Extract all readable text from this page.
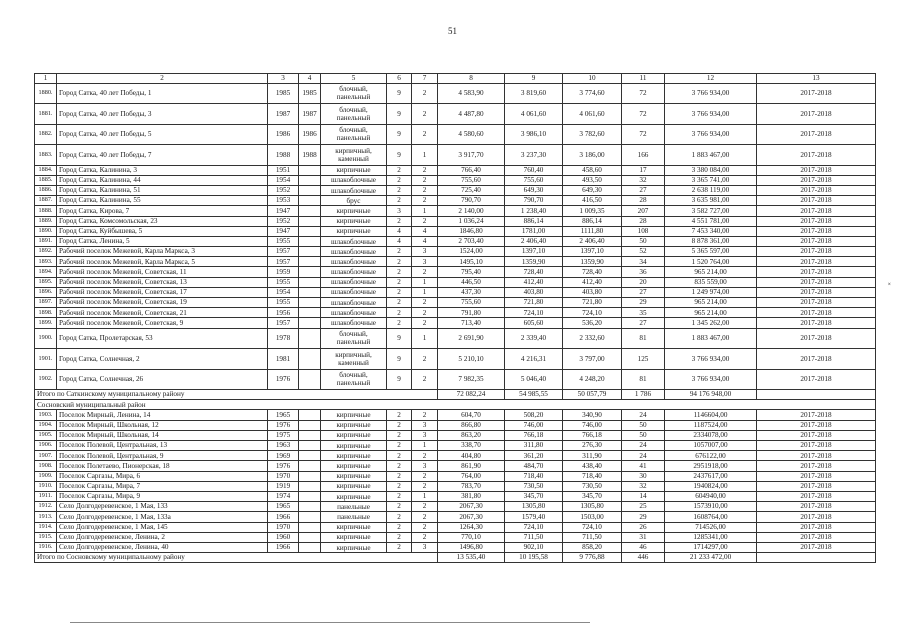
51
1	2	3	4	5	6	7	8	9	10	11	12	13
1880.	Город Сатка, 40 лет Победы, 1	1985	1985	блочный, панельный	9	2	4 583,90	3 819,60	3 774,60	72	3 766 934,00	2017-2018
1881.	Город Сатка, 40 лет Победы, 3	1987	1987	блочный, панельный	9	2	4 487,80	4 061,60	4 061,60	72	3 766 934,00	2017-2018
1882.	Город Сатка, 40 лет Победы, 5	1986	1986	блочный, панельный	9	2	4 580,60	3 986,10	3 782,60	72	3 766 934,00	2017-2018
1883.	Город Сатка, 40 лет Победы, 7	1988	1988	кирпичный, каменный	9	1	3 917,70	3 237,30	3 186,00	166	1 883 467,00	2017-2018
1884.	Город Сатка, Калинина, 3	1951		кирпичные	2	2	766,40	760,40	458,60	17	3 380 084,00	2017-2018
1885.	Город Сатка, Калинина, 44	1954		шлакоблочные	2	2	755,60	755,60	493,50	32	3 365 741,00	2017-2018
1886.	Город Сатка, Калинина, 51	1952		шлакоблочные	2	2	725,40	649,30	649,30	27	2 638 119,00	2017-2018
1887.	Город Сатка, Калинина, 55	1953		брус	2	2	790,70	790,70	416,50	28	3 635 981,00	2017-2018
1888.	Город Сатка, Кирова, 7	1947		кирпичные	3	1	2 140,00	1 238,40	1 009,35	207	3 582 727,00	2017-2018
1889.	Город Сатка, Комсомольская, 23	1952		кирпичные	2	2	1 036,24	886,14	886,14	28	4 551 781,00	2017-2018
1890.	Город Сатка, Куйбышева, 5	1947		кирпичные	4	4	1846,80	1781,00	1111,80	108	7 453 340,00	2017-2018
1891.	Город Сатка, Ленина, 5	1955		шлакоблочные	4	4	2 703,40	2 406,40	2 406,40	50	8 878 361,00	2017-2018
1892.	Рабочий поселок Межевой, Карла Маркса, 3	1957		шлакоблочные	2	3	1524,00	1397,10	1397,10	52	5 365 597,00	2017-2018
1893.	Рабочий поселок Межевой, Карла Маркса, 5	1957		шлакоблочные	2	3	1495,10	1359,90	1359,90	34	1 520 764,00	2017-2018
1894.	Рабочий поселок Межевой, Советская, 11	1959		шлакоблочные	2	2	795,40	728,40	728,40	36	965 214,00	2017-2018
1895.	Рабочий поселок Межевой, Советская, 13	1955		шлакоблочные	2	1	446,50	412,40	412,40	20	835 559,00	2017-2018
1896.	Рабочий поселок Межевой, Советская, 17	1954		шлакоблочные	2	1	437,30	403,80	403,80	27	1 249 974,00	2017-2018
1897.	Рабочий поселок Межевой, Советская, 19	1955		шлакоблочные	2	2	755,60	721,80	721,80	29	965 214,00	2017-2018
1898.	Рабочий поселок Межевой, Советская, 21	1956		шлакоблочные	2	2	791,80	724,10	724,10	35	965 214,00	2017-2018
1899.	Рабочий поселок Межевой, Советская, 9	1957		шлакоблочные	2	2	713,40	605,60	536,20	27	1 345 262,00	2017-2018
1900.	Город Сатка, Пролетарская, 53	1978		блочный, панельный	9	1	2 691,90	2 339,40	2 332,60	81	1 883 467,00	2017-2018
1901.	Город Сатка, Солнечная, 2	1981		кирпичный, каменный	9	2	5 210,10	4 216,31	3 797,00	125	3 766 934,00	2017-2018
1902.	Город Сатка, Солнечная, 26	1976		блочный, панельный	9	2	7 982,35	5 046,40	4 248,20	81	3 766 934,00	2017-2018
Итого по Саткинскому муниципальному району							72 082,24	54 985,55	50 057,79	1 786	94 176 948,00	
Сосновский муниципальный район												
1903.	Поселок Мирный, Ленина, 14	1965		кирпичные	2	2	604,70	508,20	340,90	24	1146604,00	2017-2018
1904.	Поселок Мирный, Школьная, 12	1976		кирпичные	2	3	866,80	746,00	746,00	50	1187524,00	2017-2018
1905.	Поселок Мирный, Школьная, 14	1975		кирпичные	2	3	863,20	766,18	766,18	50	2334078,00	2017-2018
1906.	Поселок Полевой, Центральная, 13	1963		кирпичные	2	1	338,70	311,80	276,30	24	1057007,00	2017-2018
1907.	Поселок Полевой, Центральная, 9	1969		кирпичные	2	2	404,80	361,20	311,90	24	676122,00	2017-2018
1908.	Поселок Полетаево, Пионерская, 18	1976		кирпичные	2	3	861,90	484,70	438,40	41	2951918,00	2017-2018
1909.	Поселок Саргазы, Мира, 6	1970		кирпичные	2	2	764,00	718,40	718,40	30	2437617,00	2017-2018
1910.	Поселок Саргазы, Мира, 7	1919		кирпичные	2	2	783,70	730,50	730,50	32	1940824,00	2017-2018
1911.	Поселок Саргазы, Мира, 9	1974		кирпичные	2	1	381,80	345,70	345,70	14	604940,00	2017-2018
1912.	Село Долгодеревенское, 1 Мая, 133	1965		панельные	2	2	2067,30	1305,80	1305,80	25	1573910,00	2017-2018
1913.	Село Долгодеревенское, 1 Мая, 133а	1966		панельные	2	2	2067,30	1579,40	1503,00	29	1608764,00	2017-2018
1914.	Село Долгодеревенское, 1 Мая, 145	1970		кирпичные	2	2	1264,30	724,10	724,10	26	714526,00	2017-2018
1915.	Село Долгодеревенское, Ленина, 2	1960		кирпичные	2	2	770,10	711,50	711,50	31	1285341,00	2017-2018
1916.	Село Долгодеревенское, Ленина, 40	1966		кирпичные	2	3	1496,80	902,10	858,20	46	1714297,00	2017-2018
Итого по Сосновскому муниципальному району							13 535,40	10 195,58	9 776,88	446	21 233 472,00	
×
